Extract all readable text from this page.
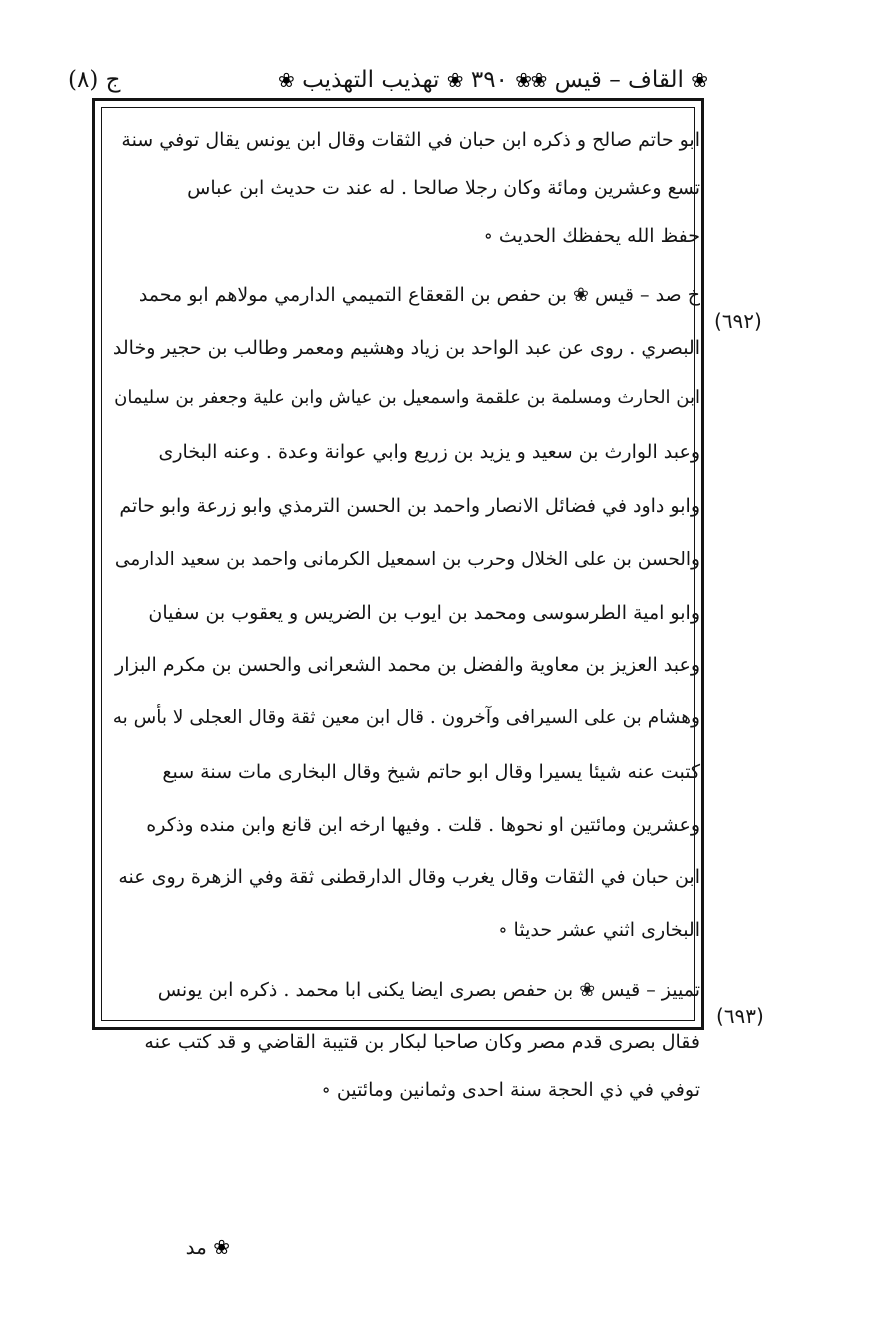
❀ القاف – قيس ❀
❀ ٣٩٠ ❀ تهذيب التهذيب ❀
ج (٨)
ابو حاتم صالح و ذكره ابن حبان في الثقات وقال ابن يونس يقال توفي سنة
تسع وعشرين ومائة وكان رجلا صالحا . له عند ت حديث ابن عباس
حفظ الله يحفظك الحديث ∘
خ صد – قيس ❀ بن حفص بن القعقاع التميمي الدارمي مولاهم ابو محمد
البصري . روى عن عبد الواحد بن زياد وهشيم ومعمر وطالب بن حجير وخالد
ابن الحارث ومسلمة بن علقمة واسمعيل بن عياش وابن علية وجعفر بن سليمان
وعبد الوارث بن سعيد و يزيد بن زريع وابي عوانة وعدة . وعنه البخارى
وابو داود في فضائل الانصار واحمد بن الحسن الترمذي وابو زرعة وابو حاتم
والحسن بن على الخلال وحرب بن اسمعيل الكرمانى واحمد بن سعيد الدارمى
وابو امية الطرسوسى ومحمد بن ايوب بن الضريس و يعقوب بن سفيان
وعبد العزيز بن معاوية والفضل بن محمد الشعرانى والحسن بن مكرم البزار
وهشام بن على السيرافى وآخرون . قال ابن معين ثقة وقال العجلى لا بأس به
كتبت عنه شيئا يسيرا وقال ابو حاتم شيخ وقال البخارى مات سنة سبع
وعشرين ومائتين او نحوها . قلت . وفيها ارخه ابن قانع وابن منده وذكره
ابن حبان في الثقات وقال يغرب وقال الدارقطنى ثقة وفي الزهرة روى عنه
البخارى اثني عشر حديثا ∘
تمييز – قيس ❀ بن حفص بصرى ايضا يكنى ابا محمد . ذكره ابن يونس
فقال بصرى قدم مصر وكان صاحبا لبكار بن قتيبة القاضي و قد كتب عنه
توفي في ذي الحجة سنة احدى وثمانين ومائتين ∘
(٦٩٢)
(٦٩٣)
❀ مد
